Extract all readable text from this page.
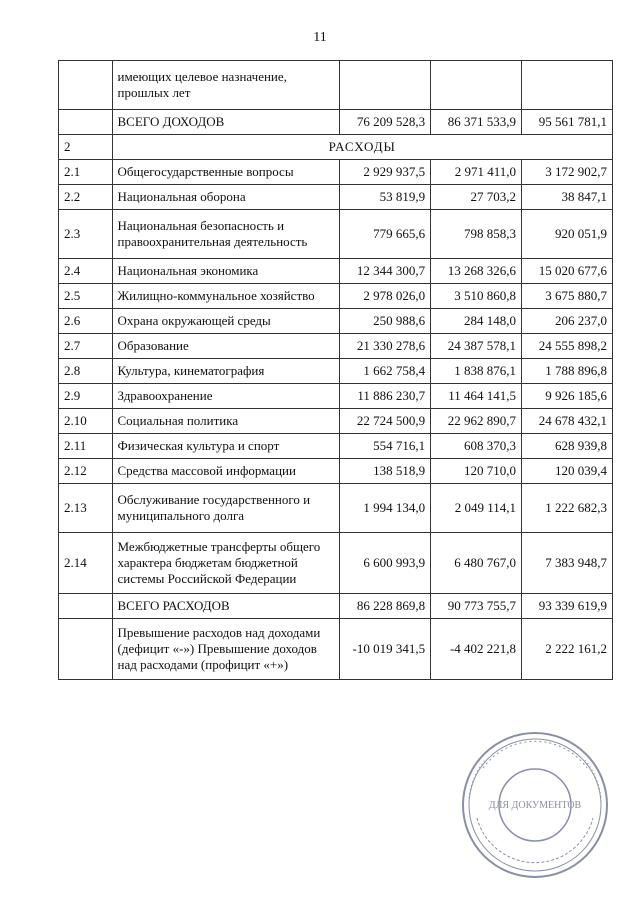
11
	имеющих целевое назначение, прошлых лет			
	ВСЕГО ДОХОДОВ	76 209 528,3	86 371 533,9	95 561 781,1
2	РАСХОДЫ			
2.1	Общегосударственные вопросы	2 929 937,5	2 971 411,0	3 172 902,7
2.2	Национальная оборона	53 819,9	27 703,2	38 847,1
2.3	Национальная безопасность и правоохранительная деятельность	779 665,6	798 858,3	920 051,9
2.4	Национальная экономика	12 344 300,7	13 268 326,6	15 020 677,6
2.5	Жилищно-коммунальное хозяйство	2 978 026,0	3 510 860,8	3 675 880,7
2.6	Охрана окружающей среды	250 988,6	284 148,0	206 237,0
2.7	Образование	21 330 278,6	24 387 578,1	24 555 898,2
2.8	Культура, кинематография	1 662 758,4	1 838 876,1	1 788 896,8
2.9	Здравоохранение	11 886 230,7	11 464 141,5	9 926 185,6
2.10	Социальная политика	22 724 500,9	22 962 890,7	24 678 432,1
2.11	Физическая культура и спорт	554 716,1	608 370,3	628 939,8
2.12	Средства массовой информации	138 518,9	120 710,0	120 039,4
2.13	Обслуживание государственного и муниципального долга	1 994 134,0	2 049 114,1	1 222 682,3
2.14	Межбюджетные трансферты общего характера бюджетам бюджетной системы Российской Федерации	6 600 993,9	6 480 767,0	7 383 948,7
	ВСЕГО РАСХОДОВ	86 228 869,8	90 773 755,7	93 339 619,9
	Превышение расходов над доходами (дефицит «-») Превышение доходов над расходами (профицит «+»)	-10 019 341,5	-4 402 221,8	2 222 161,2
ДЛЯ ДОКУМЕНТОВ
